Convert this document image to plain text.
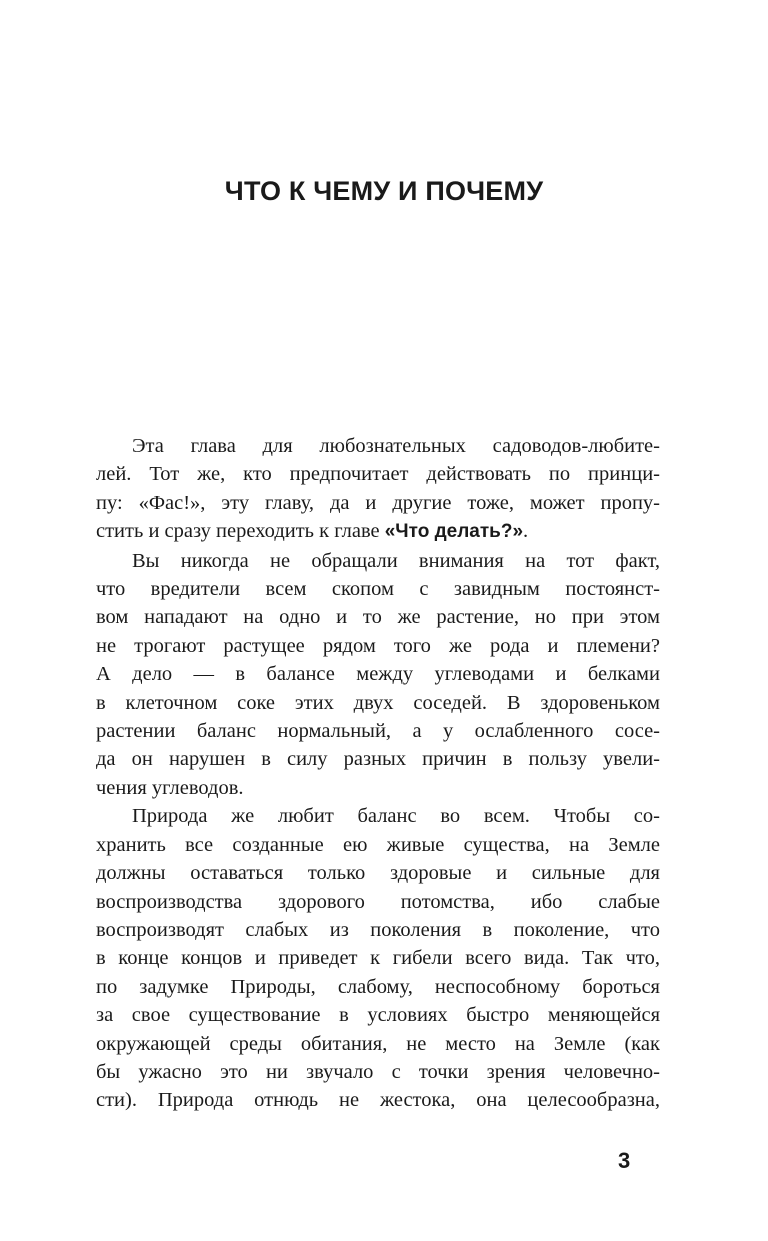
ЧТО К ЧЕМУ И ПОЧЕМУ

Эта глава для любознательных садоводов-любите-
лей. Тот же, кто предпочитает действовать по принци-
пу: «Фас!», эту главу, да и другие тоже, может пропу-
стить и сразу переходить к главе «Что делать?».

Вы никогда не обращали внимания на тот факт,
что вредители всем скопом с завидным постоянст-
вом нападают на одно и то же растение, но при этом
не трогают растущее рядом того же рода и племени?
А дело — в балансе между углеводами и белками
в клеточном соке этих двух соседей. В здоровеньком
растении баланс нормальный, а у ослабленного сосе-
да он нарушен в силу разных причин в пользу увели-
чения углеводов.

Природа же любит баланс во всем. Чтобы со-
хранить все созданные ею живые существа, на Земле
должны оставаться только здоровые и сильные для
воспроизводства здорового потомства, ибо слабые
воспроизводят слабых из поколения в поколение, что
в конце концов и приведет к гибели всего вида. Так что,
по задумке Природы, слабому, неспособному бороться
за свое существование в условиях быстро меняющейся
окружающей среды обитания, не место на Земле (как
бы ужасно это ни звучало с точки зрения человечно-
сти). Природа отнюдь не жестока, она целесообразна,

3
